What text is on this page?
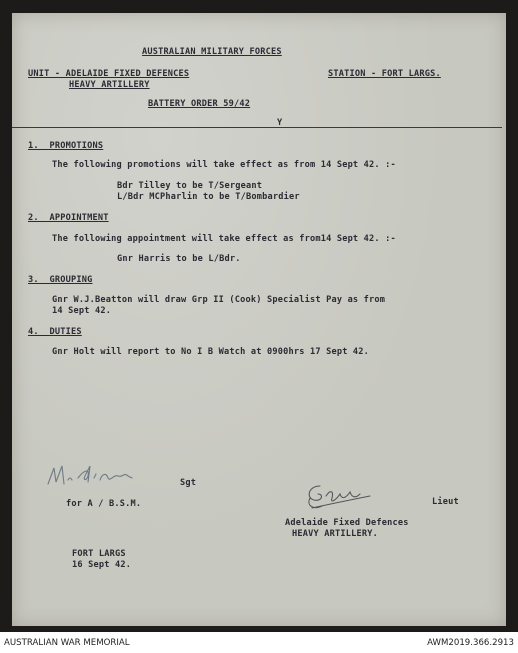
AUSTRALIAN MILITARY FORCES
UNIT - ADELAIDE FIXED DEFENCES
HEAVY ARTILLERY
STATION - FORT LARGS.
BATTERY ORDER 59/42
Y
1.  PROMOTIONS
The following promotions will take effect as from 14 Sept 42. :-
Bdr Tilley to be T/Sergeant
L/Bdr MCPharlin to be T/Bombardier
2.  APPOINTMENT
The following appointment will take effect as from14 Sept 42. :-
Gnr Harris to be L/Bdr.
3.  GROUPING
Gnr W.J.Beatton will draw Grp II (Cook) Specialist Pay as from
14 Sept 42.
4.  DUTIES
Gnr Holt will report to No I B Watch at 0900hrs 17 Sept 42.
Sgt
for A / B.S.M.	Lieut
Adelaide Fixed Defences
HEAVY ARTILLERY.
FORT LARGS
16 Sept 42.
AUSTRALIAN WAR MEMORIAL	AWM2019.366.2913
